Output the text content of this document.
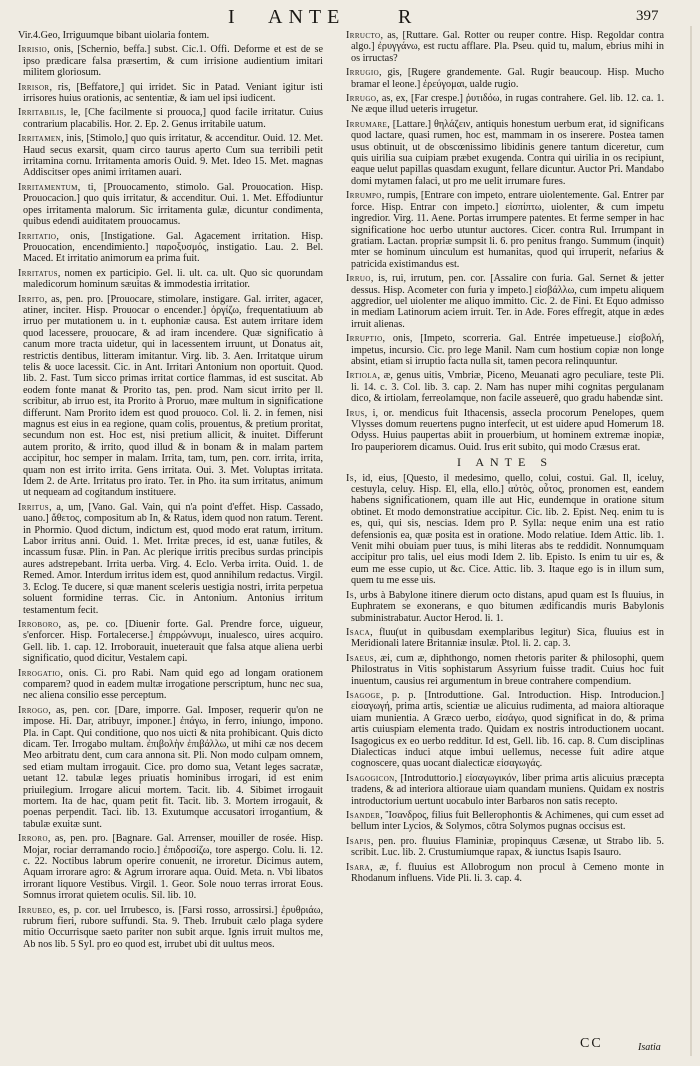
I ANTE	R	397

Vir.4.Geo, Irriguumque bibant uiolaria fontem.

Irrisio, onis, [Schernio, beffa.] subst. Cic.1. Offi. Deforme et est de se ipso prædicare falsa præsertim, & cum irrisione audientium imitari militem gloriosum.

Irrisor, ris, [Beffatore,] qui irridet. Sic in Patad. Veniant igitur isti irrisores huius orationis, ac sententiæ, & iam uel ipsi iudicent.

Irritabilis, le, [Che facilmente si prouoca,] quod facile irritatur. Cuius contrarium placabilis. Hor. 2. Ep. 2. Genus irritabile uatum.

Irritamen, inis, [Stimolo,] quo quis irritatur, & accenditur. Ouid. 12. Met. Haud secus exarsit, quam circo taurus aperto Cum sua terribili petit irritamina cornu. Irritamenta amoris Ouid. 9. Met. Ideo 15. Met. magnas Addiscitser opes animi irritamen auari.

Irritamentum, ti, [Prouocamento, stimolo. Gal. Prouocation. Hisp. Prouocacion.] quo quis irritatur, & accenditur. Oui. 1. Met. Effodiuntur opes irritamenta malorum. Sic irritamenta gulæ, dicuntur condimenta, quibus edendi auiditatem prouocamus.

Irritatio, onis, [Instigatione. Gal. Agacement irritation. Hisp. Prouocation, encendimiento.] παροξυσμός, instigatio. Lau. 2. Bel. Maced. Et irritatio animorum ea prima fuit.

Irritatus, nomen ex participio. Gel. li. ult. ca. ult. Quo sic quorundam maledicorum hominum sæuitas & immodestia irritatior.

Irrito, as, pen. pro. [Prouocare, stimolare, instigare. Gal. irriter, agacer, atiner, inciter. Hisp. Prouocar o encender.] ὀργίζω, frequentatiuum ab irruo per mutationem u. in t. euphoniæ causa. Est autem irritare idem quod lacessere, prouocare, & ad iram incendere. Quæ significatio à canum more tracta uidetur, qui in lacessentem irruunt, ut Donatus ait, restrictis dentibus, litteram imitantur. Virg. lib. 3. Aen. Irritatque uirum telis & uoce lacessit. Cic. in Ant. Irritari Antonium non oportuit. Quod. lib. 2. Fast. Tum sicco primas irritat cortice flammas, id est suscitat. Ab eodem fonte manat & Prorito tas, pen. prod. Nam sicut irrito per ll. scribitur, ab irruo est, ita Prorito à Proruo, mæe multum in significatione differunt. Nam Prorito idem est quod prouoco. Col. li. 2. in femen, nisi magnus est eius in ea regione, quam colis, prouentus, & pretium proritat, secundum non est. Hoc est, nisi pretium allicit, & inuitet. Differunt autem prorito, & irrito, quod illud & in bonam & in malam partem accipitur, hoc semper in malam. Irrita, tam, tum, pen. corr. irrita, irrita, quam non est irrito irrita. Gens irritata. Oui. 3. Met. Voluptas irritata. Idem 2. de Arte. Irritatus pro irato. Ter. in Pho. ita sum irritatus, animum ut nequeam ad cogitandum instituere.

Irritus, a, um, [Vano. Gal. Vain, qui n'a point d'effet. Hisp. Cassado, uano.] ἄθετος, compositum ab In, & Ratus, idem quod non ratum. Terent. in Phormio. Quod dictum, indictum est, quod modo erat ratum, irritum. Labor irritus anni. Ouid. 1. Met. Irritæ preces, id est, uanæ futiles, & incassum fusæ. Plin. in Pan. Ac plerique irritis precibus surdas principis aures adstrepebant. Irrita uerba. Virg. 4. Eclo. Verba irrita. Ouid. 1. de Remed. Amor. Interdum irritus idem est, quod annihilum redactus. Virgil. 3. Eclog. Te ducere, si quæ manent sceleris uestigia nostri, irrita perpetua soluent formidine terras. Cic. in Antonium. Antonius irritum testamentum fecit.

Irroboro, as, pe. co. [Diuenir forte. Gal. Prendre force, uigueur, s'enforcer. Hisp. Fortalecerse.] ἐπιρρώννυμι, inualesco, uires acquiro. Gell. lib. 1. cap. 12. Irroborauit, inueterauit que falsa atque aliena uerbi significatio, quod dicitur, Vestalem capi.

Irrogatio, onis. Ci. pro Rabi. Nam quid ego ad longam orationem comparem? quod in eadem multæ irrogatione perscriptum, hunc nec sua, nec aliena consilio esse perceptum.

Irrogo, as, pen. cor. [Dare, imporre. Gal. Imposer, requerir qu'on ne impose. Hi. Dar, atribuyr, imponer.] ἐπάγω, in ferro, iniungo, impono. Pla. in Capt. Qui conditione, quo nos uicti & nita prohibicant. Quis dicto dicam. Ter. Irrogabo multam. ἐπιβολὴν ἐπιβάλλω, ut mihi cæ nos decem Meo arbitratu dent, cum cara annona sit. Pli. Non modo culpam omnem, sed etiam multam irrogauit. Cice. pro domo sua, Vetant leges sacratæ, uetant 12. tabulæ leges priuatis hominibus irrogari, id est enim priuilegium. Irrogare alicui mortem. Tacit. lib. 4. Sibimet irrogauit mortem. Ita de hac, quam petit fit. Tacit. lib. 3. Mortem irrogauit, & poenas perpendit. Taci. lib. 13. Exutumque accusatori irrogantium, & tabulæ exuitæ sunt.

Irroro, as, pen. pro. [Bagnare. Gal. Arrenser, mouiller de rosée. Hisp. Mojar, rociar derramando rocio.] ἐπιδροσίζω, tore aspergo. Colu. li. 12. c. 22. Noctibus labrum operire conuenit, ne irroretur. Dicimus autem, Aquam irrorare agro: & Agrum irrorare aqua. Ouid. Meta. n. Vbi libatos irrorant liquore Vestibus. Virgil. 1. Geor. Sole nouo terras irrorat Eous. Somnus irrorat quietem oculis. Sil. lib. 10.

Irrubeo, es, p. cor. uel Irrubesco, is. [Farsi rosso, arrossirsi.] ἐρυθριάω, rubrum fieri, rubore suffundi. Sta. 9. Theb. Irrubuit cælo plaga sydere mitio Occurrisque saeto pariter non subit arque. Ignis irruit multos me, Ab nos lib. 5 Syl. pro eo quod est, irrubet ubi dit uultus meos.

Irructo, as, [Ruttare. Gal. Rotter ou reuper contre. Hisp. Regoldar contra algo.] ἐρυγγάνω, est ructu afflare. Pla. Pseu. quid tu, malum, ebrius mihi in os irructas?

Irrugio, gis, [Rugere grandemente. Gal. Rugir beaucoup. Hisp. Mucho bramar el leone.] ἐρεύγομαι, ualde rugio.

Irrugo, as, ex, [Far crespe.] ῥυτιδόω, in rugas contrahere. Gel. lib. 12. ca. 1. Ne æque illud ueteris irrugetur.

Irrumare, [Lattare.] θηλάζειν, antiquis honestum uerbum erat, id significans quod lactare, quasi rumen, hoc est, mammam in os inserere. Postea tamen usus obtinuit, ut de obscœnissimo libidinis genere tantum diceretur, cum quis uirilia sua cuipiam præbet exugenda. Contra qui uirilia in os recipiunt, eaque uelut papillas quasdam exugunt, fellare dicuntur. Auctor Pri. Mandabo domi mytamen falaci, ut pro me uelit irrumare fures.

Irrumpo, rumpis, [Entrare con impeto, entrare uiolentemente. Gal. Entrer par force. Hisp. Entrar con impeto.] εἰσπίπτω, uiolenter, & cum impetu ingredior. Virg. 11. Aene. Portas irrumpere patentes. Et ferme semper in hac significatione hoc uerbo utuntur auctores. Cicer. contra Rul. Irrumpant in gratiam. Lactan. propriæ sumpsit li. 6. pro penitus frango. Summum (inquit) mter se hominum uinculum est humanitas, quod qui irruperit, nefarius & patricida existimandus est.

Irruo, is, rui, irrutum, pen. cor. [Assalire con furia. Gal. Sernet & jetter dessus. Hisp. Acometer con furia y impeto.] εἰσβάλλω, cum impetu aliquem aggredior, uel uiolenter me aliquo immitto. Cic. 2. de Fini. Et Equo admisso in mediam Latinorum aciem irruit. Ter. in Ade. Fores effregit, atque in ædes irruit alienas.

Irruptio, onis, [Impeto, scorreria. Gal. Entrée impetueuse.] εἰσβολή, impetus, incursio. Cic. pro lege Manil. Nam cum hostium copiæ non longe absint, etiam si irruptio facta nulla sit, tamen pecora relinquuntur.

Irtiola, æ, genus uitis, Vmbriæ, Piceno, Meuanati agro peculiare, teste Pli. li. 14. c. 3. Col. lib. 3. cap. 2. Nam has nuper mihi cognitas pergulanam dico, & irtiolam, ferreolamque, non facile asseuerê, quo gradu habendæ sint.

Irus, i, or. mendicus fuit Ithacensis, assecla procorum Penelopes, quem Vlysses domum reuertens pugno interfecit, ut est uidere apud Homerum 18. Odyss. Huius paupertas abiit in prouerbium, ut hominem extremæ inopiæ, Iro pauperiorem dicamus. Ouid. Irus erit subito, qui modo Cræsus erat.

I ANTE S

Is, id, eius, [Questo, il medesimo, quello, colui, costui. Gal. Il, iceluy, cestuyla, celuy. Hisp. El, ella, ello.] αὐτὸς, οὗτος, pronomen est, eandem habens significationem, quam ille aut Hic, eundemque in oratione situm obtinet. Et modo demonstratiue accipitur. Cic. lib. 2. Epist. Neq. enim tu is es, qui, qui sis, nescias. Idem pro P. Sylla: neque enim una est ratio defensionis ea, quæ posita est in oratione. Modo relatiue. Idem Attic. lib. 1. Venit mihi obuiam puer tuus, is mihi literas abs te reddidit. Nonnumquam accipitur pro talis, uel eius modi Idem 2. lib. Episto. Is enim tu uir es, & eum me esse cupio, ut &c. Cice. Attic. lib. 3. Itaque ego is in illum sum, quem tu me esse uis.

Is, urbs à Babylone itinere dierum octo distans, apud quam est Is fluuius, in Euphratem se exonerans, e quo bitumen ædificandis muris Babylonis subministrabatur. Auctor Herod. li. 1.

Isaca, fluu(ut in quibusdam exemplaribus legitur) Sica, fluuius est in Meridionali latere Britanniæ insulæ. Ptol. li. 2. cap. 3.

Isaeus, æi, cum æ, diphthongo, nomen rhetoris pariter & philosophi, quem Philostratus in Vitis sophistarum Assyrium fuisse tradit. Cuius hoc fuit inuentum, causius rei argumentum in breue contrahere compendium.

Isagoge, p. p. [Introduttione. Gal. Introduction. Hisp. Introducion.] εἰσαγωγή, prima artis, scientiæ ue alicuius rudimenta, ad maiora altioraque uiam munientia. A Græco uerbo, εἰσάγω, quod significat in do, & prima artis cuiuspiam elementa trado. Quidam ex nostris introductionem uocant. Isagogicus ex eo uerbo redditur. Id est, Gell. lib. 16. cap. 8. Cum disciplinas Dialecticas induci atque imbui uellemus, necesse fuit adire atque cognoscere, quas uocant dialecticæ εἰσαγωγάς.

Isagogicon, [Introduttorio.] εἰσαγωγικόν, liber prima artis alicuius præcepta tradens, & ad interiora altioraue uiam quandam muniens. Quidam ex nostris introductorium uertunt uocabulo inter Barbaros non satis recepto.

Isander, Ἴσανδρος, filius fuit Bellerophontis & Achimenes, qui cum esset ad bellum inter Lycios, & Solymos, cōtra Solymos pugnas occisus est.

Isapis, pen. pro. fluuius Flaminiæ, propinquus Cæsenæ, ut Strabo lib. 5. scribit. Luc. lib. 2. Crustumiumque rapax, & iunctus Isapis Isauro.

Isara, æ, f. fluuius est Allobrogum non procul à Cemeno monte in Rhodanum influens. Vide Pli. li. 3. cap. 4.

CC	Isatia
